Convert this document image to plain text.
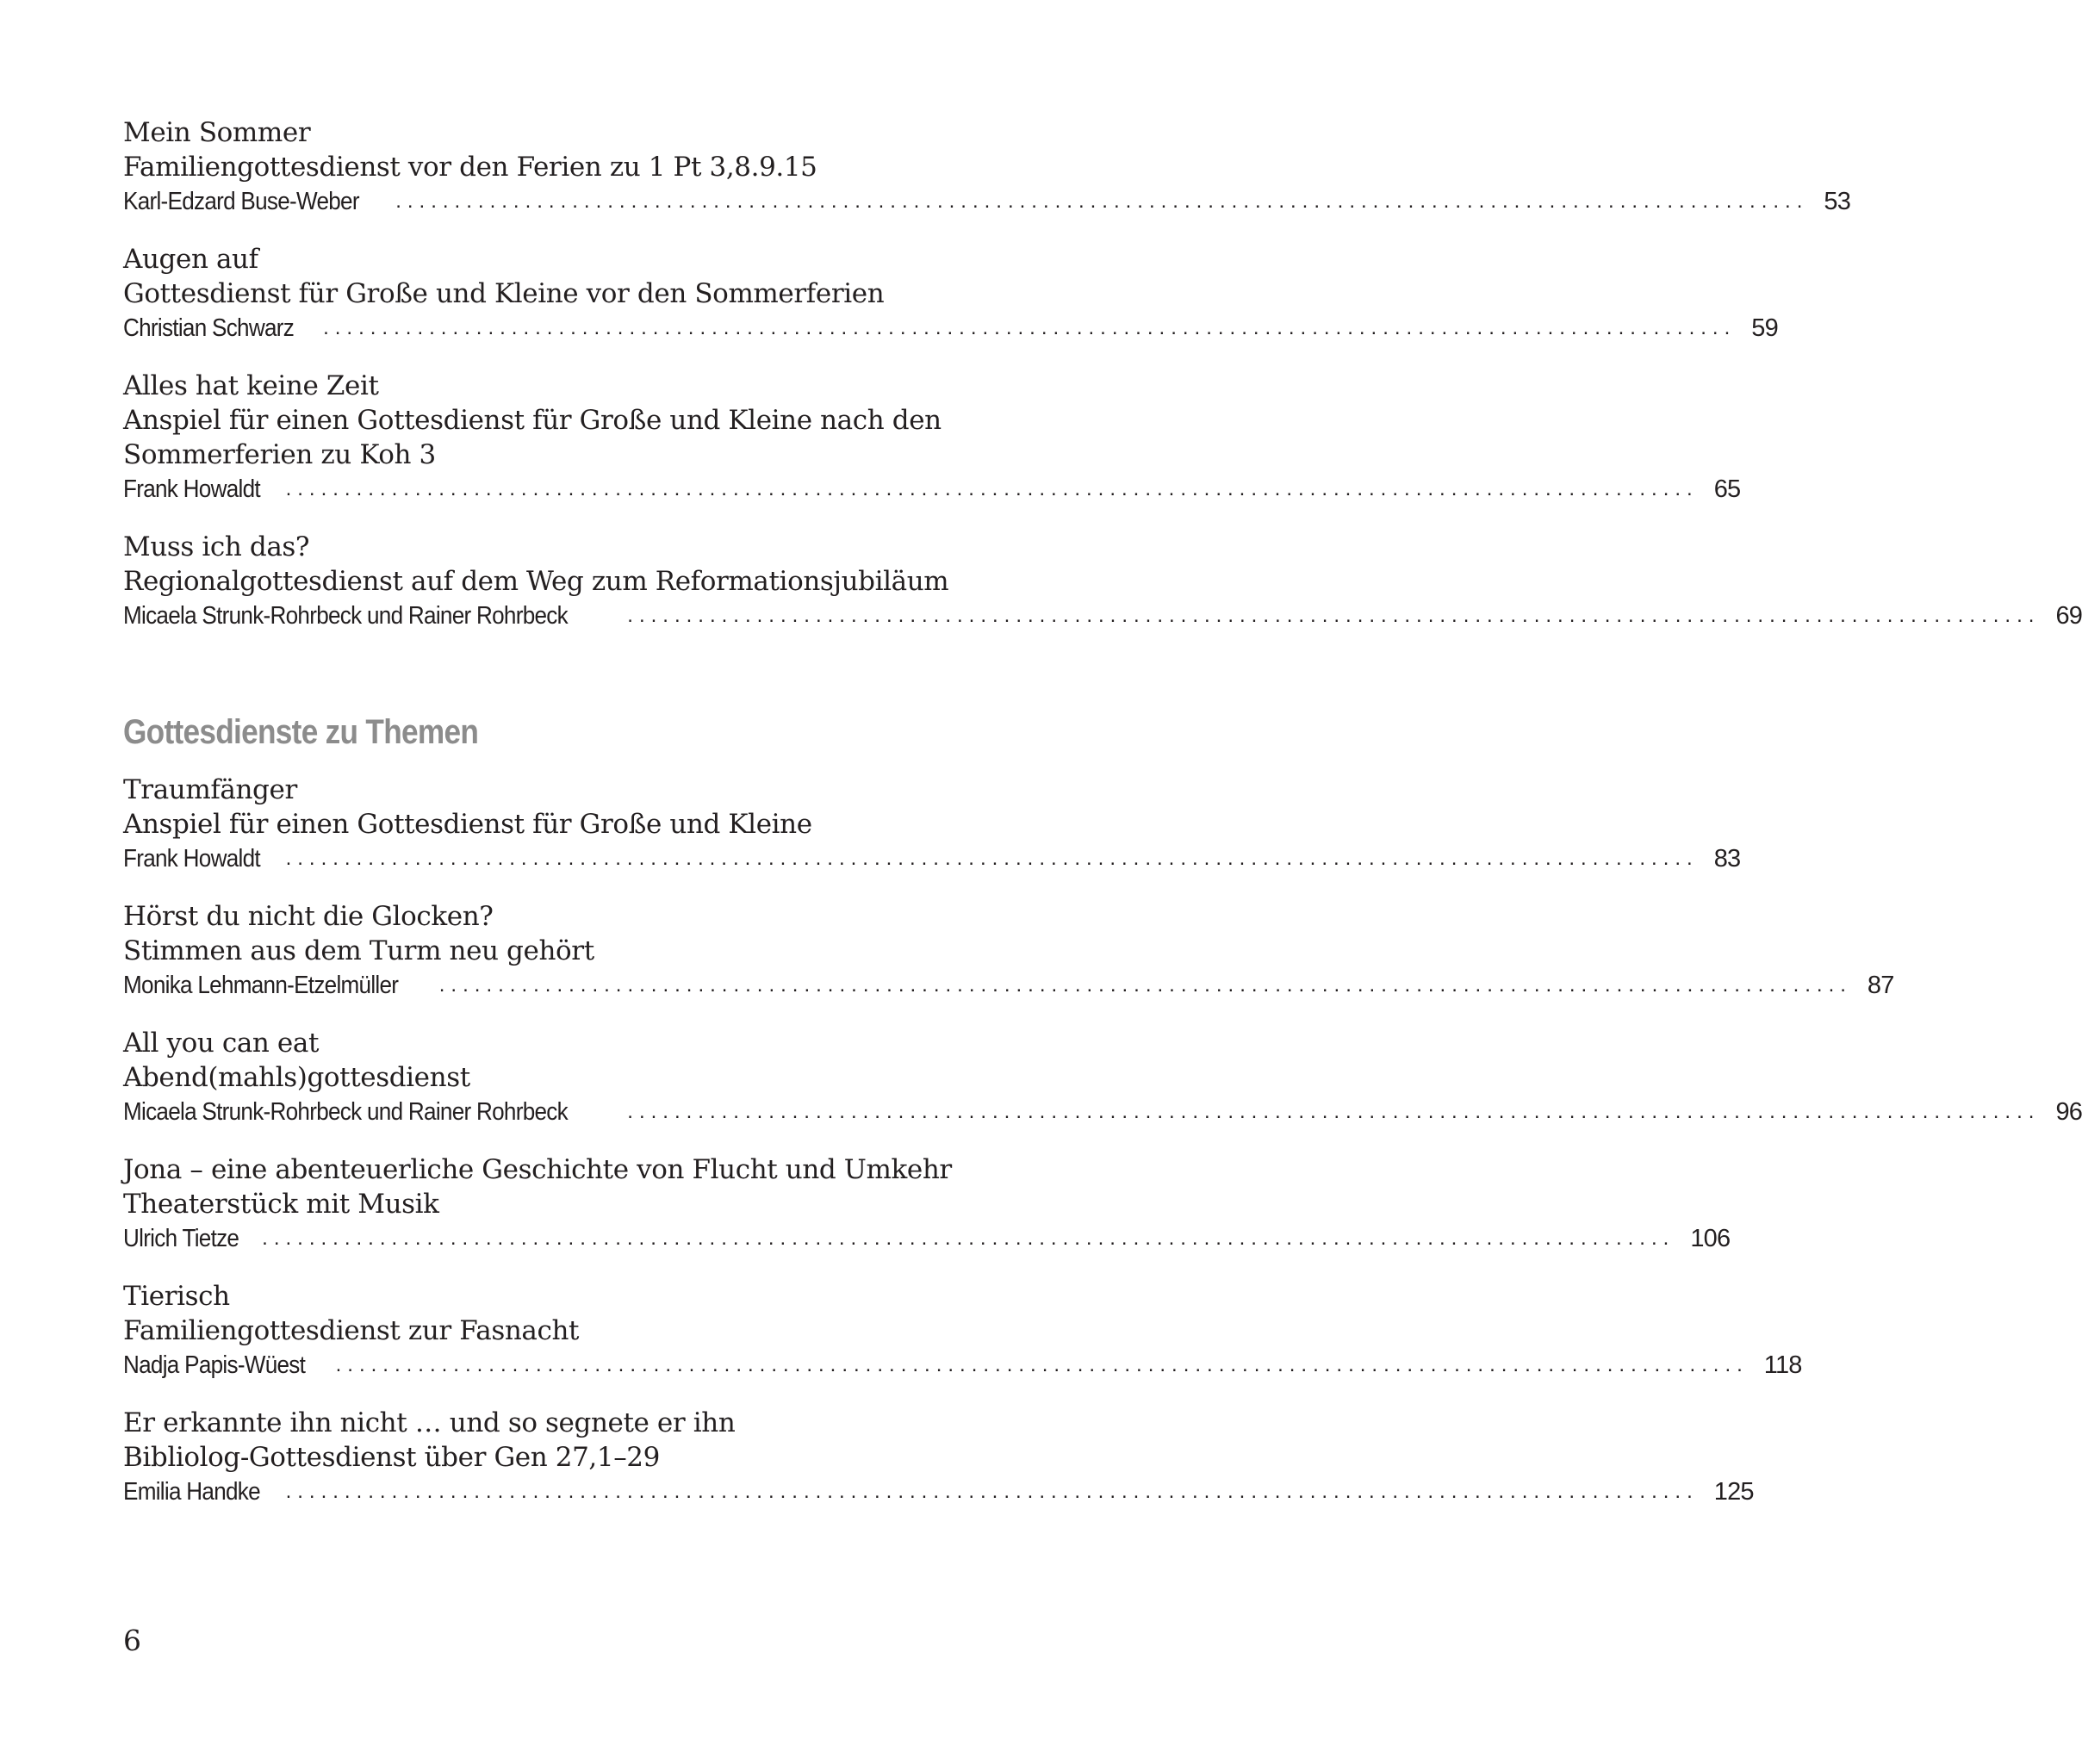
Mein Sommer
Familiengottesdienst vor den Ferien zu 1 Pt 3,8.9.15
Karl-Edzard Buse-Weber ........................................................................................................................ 53
Augen auf
Gottesdienst für Große und Kleine vor den Sommerferien
Christian Schwarz ........................................................................................................................ 59
Alles hat keine Zeit
Anspiel für einen Gottesdienst für Große und Kleine nach den
Sommerferien zu Koh 3
Frank Howaldt ........................................................................................................................ 65
Muss ich das?
Regionalgottesdienst auf dem Weg zum Reformationsjubiläum
Micaela Strunk-Rohrbeck und Rainer Rohrbeck	........................................................................................................................ 69
Gottesdienste zu Themen
Traumfänger
Anspiel für einen Gottesdienst für Große und Kleine
Frank Howaldt ........................................................................................................................ 83
Hörst du nicht die Glocken?
Stimmen aus dem Turm neu gehört
Monika Lehmann-Etzelmüller ........................................................................................................................ 87
All you can eat
Abend(mahls)gottesdienst
Micaela Strunk-Rohrbeck und Rainer Rohrbeck	........................................................................................................................ 96
Jona – eine abenteuerliche Geschichte von Flucht und Umkehr
Theaterstück mit Musik
Ulrich Tietze ........................................................................................................................ 106
Tierisch
Familiengottesdienst zur Fasnacht
Nadja Papis-Wüest ........................................................................................................................ 118
Er erkannte ihn nicht … und so segnete er ihn
Bibliolog-Gottesdienst über Gen 27,1–29
Emilia Handke ........................................................................................................................ 125
6
